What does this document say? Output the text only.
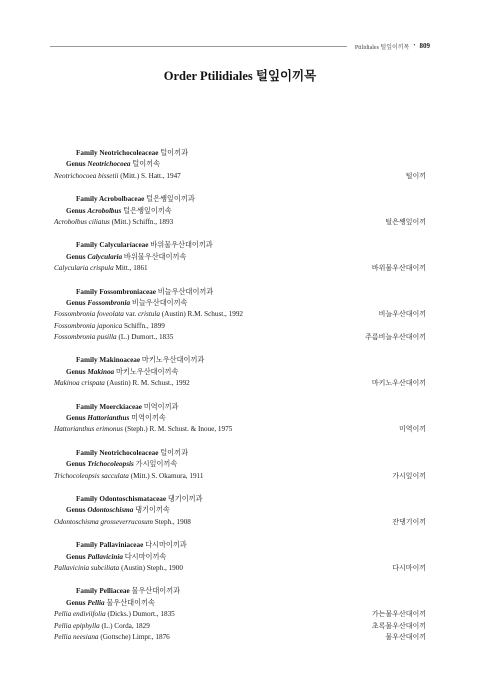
Ptilidiales 털잎이끼목 • 809
Order Ptilidiales 털잎이끼목
Family Neotrichocoleaceae 털이끼과
Genus Neotrichocoea 털이끼속
Neotrichocoea bissetii (Mitt.) S. Hatt., 1947	털이끼
Family Acrobolbaceae 털은쌩잎이끼과
Genus Acrobolbus 털은쌩잎이끼속
Acrobolbus ciliatus (Mitt.) Schiffn., 1893	털은쌩잎이끼
Family Calycularíaceae 바위물우산대이끼과
Genus Calycularia 바위물우산대이끼속
Calycularia crispula Mitt., 1861	바위물우산대이끼
Family Fossombroniaceae 비늘우산대이끼과
Genus Fossombronia 비늘우산대이끼속
Fossombronia foveolata var. cristula (Austin) R.M. Schust., 1992	비늘우산대이끼
Fossombronia japonica Schiffn., 1899
Fossombronia pusilla (L.) Dumort., 1835	주름비늘우산대이끼
Family Makinoaceae 마키노우산대이끼과
Genus Makinoa 마키노우산대이끼속
Makinoa crispata (Austin) R. M. Schust., 1992	마키노우산대이끼
Family Moerckiaceae 미역이끼과
Genus Hattorianthus 미역이끼속
Hattorianthus erimonus (Steph.) R. M. Schust. & Inoue, 1975	미역이끼
Family Neotrichocoleaceae 털이끼과
Genus Trichocoleopsis 가시잎이끼속
Trichocoleopsis sacculata (Mitt.) S. Okamura, 1911	가시잎이끼
Family Odontoschismataceae 댕기이끼과
Genus Odontoschisma 댕기이끼속
Odontoschisma grosseverrucosum Steph., 1908	잔댕기이끼
Family Pallaviniaceae 다시마이끼과
Genus Pallavicinia 다시마이끼속
Pallavicinia subciliata (Austin) Steph., 1900	다시마이끼
Family Pelliaceae 물우산대이끼과
Genus Pellia 물우산대이끼속
Pellia endiviifolia (Dicks.) Dumort., 1835	가는물우산대이끼
Pellia epiphylla (L.) Corda, 1829	초록물우산대이끼
Pellia neesiana (Gottsche) Limpr., 1876	물우산대이끼
